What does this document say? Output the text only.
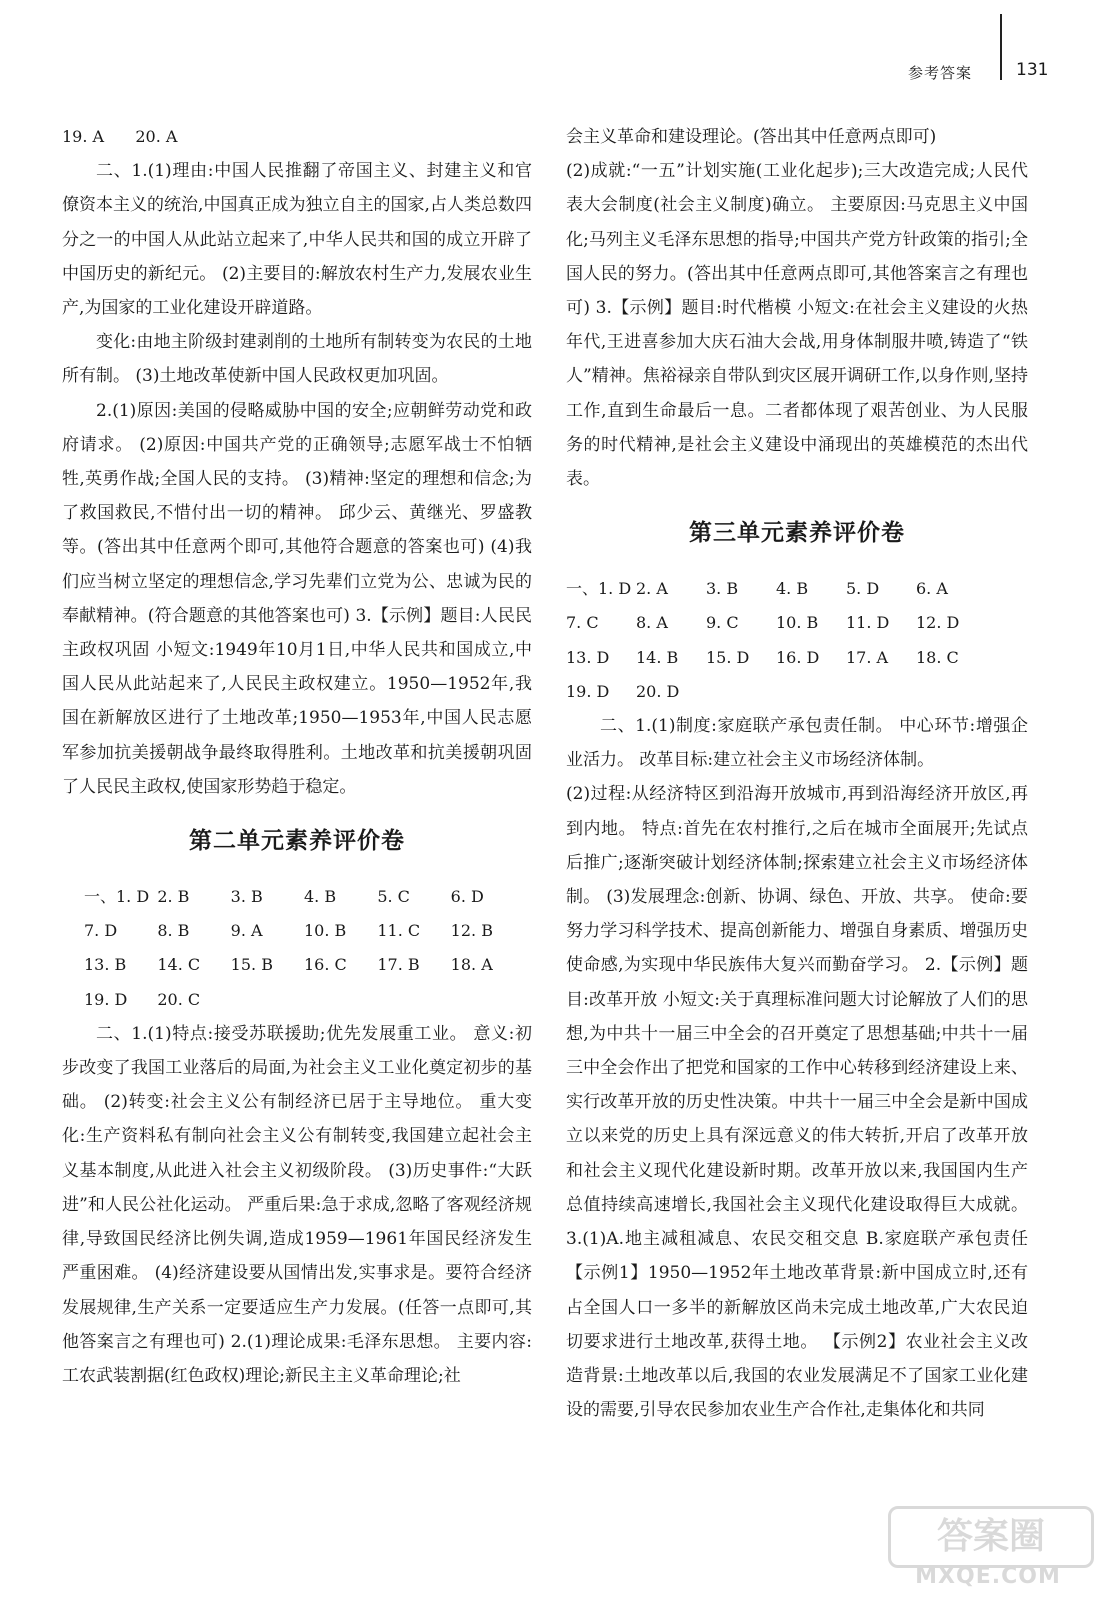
参考答案	131
19. A	20. A

二、1.(1)理由:中国人民推翻了帝国主义、封建主义和官僚资本主义的统治,中国真正成为独立自主的国家,占人类总数四分之一的中国人从此站立起来了,中华人民共和国的成立开辟了中国历史的新纪元。 (2)主要目的:解放农村生产力,发展农业生产,为国家的工业化建设开辟道路。

变化:由地主阶级封建剥削的土地所有制转变为农民的土地所有制。 (3)土地改革使新中国人民政权更加巩固。

2.(1)原因:美国的侵略威胁中国的安全;应朝鲜劳动党和政府请求。 (2)原因:中国共产党的正确领导;志愿军战士不怕牺牲,英勇作战;全国人民的支持。 (3)精神:坚定的理想和信念;为了救国救民,不惜付出一切的精神。 邱少云、黄继光、罗盛教等。(答出其中任意两个即可,其他符合题意的答案也可) (4)我们应当树立坚定的理想信念,学习先辈们立党为公、忠诚为民的奉献精神。(符合题意的其他答案也可) 3.【示例】题目:人民民主政权巩固 小短文:1949年10月1日,中华人民共和国成立,中国人民从此站起来了,人民民主政权建立。1950—1952年,我国在新解放区进行了土地改革;1950—1953年,中国人民志愿军参加抗美援朝战争最终取得胜利。土地改革和抗美援朝巩固了人民民主政权,使国家形势趋于稳定。

第二单元素养评价卷
一、1. D 2. B	3. B	4. B	5. C	6. D
7. D	8. B	9. A	10. B	11. C	12. B
13. B	14. C	15. B	16. C	17. B	18. A
19. D	20. C

二、1.(1)特点:接受苏联援助;优先发展重工业。 意义:初步改变了我国工业落后的局面,为社会主义工业化奠定初步的基础。 (2)转变:社会主义公有制经济已居于主导地位。 重大变化:生产资料私有制向社会主义公有制转变,我国建立起社会主义基本制度,从此进入社会主义初级阶段。 (3)历史事件:“大跃进”和人民公社化运动。 严重后果:急于求成,忽略了客观经济规律,导致国民经济比例失调,造成1959—1961年国民经济发生严重困难。 (4)经济建设要从国情出发,实事求是。要符合经济发展规律,生产关系一定要适应生产力发展。(任答一点即可,其他答案言之有理也可) 2.(1)理论成果:毛泽东思想。 主要内容:工农武装割据(红色政权)理论;新民主主义革命理论;社

会主义革命和建设理论。(答出其中任意两点即可)

(2)成就:“一五”计划实施(工业化起步);三大改造完成;人民代表大会制度(社会主义制度)确立。 主要原因:马克思主义中国化;马列主义毛泽东思想的指导;中国共产党方针政策的指引;全国人民的努力。(答出其中任意两点即可,其他答案言之有理也可) 3.【示例】题目:时代楷模 小短文:在社会主义建设的火热年代,王进喜参加大庆石油大会战,用身体制服井喷,铸造了“铁人”精神。焦裕禄亲自带队到灾区展开调研工作,以身作则,坚持工作,直到生命最后一息。二者都体现了艰苦创业、为人民服务的时代精神,是社会主义建设中涌现出的英雄模范的杰出代表。

第三单元素养评价卷
一、1. D 2. A	3. B	4. B	5. D	6. A
7. C	8. A	9. C	10. B	11. D	12. D
13. D	14. B	15. D	16. D	17. A	18. C
19. D	20. D

二、1.(1)制度:家庭联产承包责任制。 中心环节:增强企业活力。 改革目标:建立社会主义市场经济体制。

(2)过程:从经济特区到沿海开放城市,再到沿海经济开放区,再到内地。 特点:首先在农村推行,之后在城市全面展开;先试点后推广;逐渐突破计划经济体制;探索建立社会主义市场经济体制。 (3)发展理念:创新、协调、绿色、开放、共享。 使命:要努力学习科学技术、提高创新能力、增强自身素质、增强历史使命感,为实现中华民族伟大复兴而勤奋学习。 2.【示例】题目:改革开放 小短文:关于真理标准问题大讨论解放了人们的思想,为中共十一届三中全会的召开奠定了思想基础;中共十一届三中全会作出了把党和国家的工作中心转移到经济建设上来、实行改革开放的历史性决策。中共十一届三中全会是新中国成立以来党的历史上具有深远意义的伟大转折,开启了改革开放和社会主义现代化建设新时期。改革开放以来,我国国内生产总值持续高速增长,我国社会主义现代化建设取得巨大成就。 3.(1)A.地主减租减息、农民交租交息 B.家庭联产承包责任 【示例1】1950—1952年土地改革背景:新中国成立时,还有占全国人口一多半的新解放区尚未完成土地改革,广大农民迫切要求进行土地改革,获得土地。 【示例2】农业社会主义改造背景:土地改革以后,我国的农业发展满足不了国家工业化建设的需要,引导农民参加农业生产合作社,走集体化和共同

答案圈
MXQE.COM
